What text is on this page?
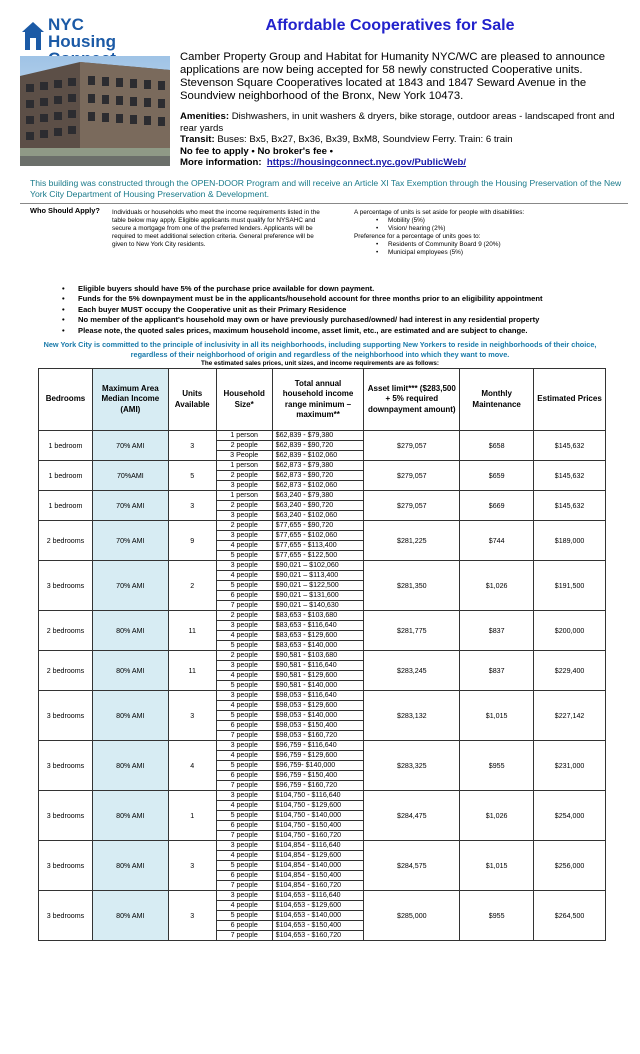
NYC
Housing
Affordable Cooperatives for Sale
Camber Property Group and Habitat for Humanity NYC/WC are pleased to announce applications are now being accepted for 58 newly constructed Cooperative units. Stevenson Square Cooperatives located at 1843 and 1847 Seward Avenue in the Soundview neighborhood of the Bronx, New York 10473.
Amenities: Dishwashers, in unit washers & dryers, bike storage, outdoor areas - landscaped front and rear yards
Transit: Buses: Bx5, Bx27, Bx36, Bx39, BxM8, Soundview Ferry. Train: 6 train
No fee to apply • No broker's fee •
More information: https://housingconnect.nyc.gov/PublicWeb/
This building was constructed through the OPEN-DOOR Program and will receive an Article XI Tax Exemption through the Housing Preservation of the New York City Department of Housing Preservation & Development.
Who Should Apply? Individuals or households who meet the income requirements listed in the table below may apply. Eligible applicants must qualify for NYSAHC and secure a mortgage from one of the preferred lenders. Applicants will be required to meet additional selection criteria. General preference will be given to New York City residents.
A percentage of units is set aside for people with disabilities:
• Mobility (5%)
• Vision/ hearing (2%)
Preference for a percentage of units goes to:
• Residents of Community Board 9 (20%)
• Municipal employees (5%)
• Eligible buyers should have 5% of the purchase price available for down payment.
• Funds for the 5% downpayment must be in the applicants/household account for three months prior to an eligibility appointment
• Each buyer MUST occupy the Cooperative unit as their Primary Residence
• No member of the applicant's household may own or have previously purchased/owned/ had interest in any residential property
• Please note, the quoted sales prices, maximum household income, asset limit, etc., are estimated and are subject to change.
New York City is committed to the principle of inclusivity in all its neighborhoods, including supporting New Yorkers to reside in neighborhoods of their choice, regardless of their neighborhood of origin and regardless of the neighborhood into which they want to move.
The estimated sales prices, unit sizes, and income requirements are as follows:
Bedrooms	Maximum Area Median Income (AMI)	Units Available	Household Size*	Total annual household income range minimum – maximum**	Asset limit*** ($283,500 + 5% required downpayment amount)	Monthly Maintenance	Estimated Prices
1 bedroom	70% AMI	3	1 person	$62,839 - $79,380	$279,057	$658	$145,632
			2 people	$62,839 - $90,720			
			3 People	$62,839 - $102,060			
1 bedroom	70%AMI	5	1 person	$62,873 - $79,380	$279,057	$659	$145,632
			2 people	$62,873 - $90,720			
			3 people	$62,873 - $102,060			
1 bedroom	70% AMI	3	1 person	$63,240 - $79,380	$279,057	$669	$145,632
			2 people	$63,240 - $90,720			
			3 people	$63,240 - $102,060			
2 bedrooms	70% AMI	9	2 people	$77,655 - $90,720	$281,225	$744	$189,000
			3 people	$77,655 - $102,060			
			4 people	$77,655 - $113,400			
			5 people	$77,655 - $122,500			
3 bedrooms	70% AMI	2	3 people	$90,021 – $102,060	$281,350	$1,026	$191,500
			4 people	$90,021 – $113,400			
			5 people	$90,021 – $122,500			
			6 people	$90,021 – $131,600			
			7 people	$90,021 – $140,630			
2 bedrooms	80% AMI	11	2 people	$83,653 - $103,680	$281,775	$837	$200,000
			3 people	$83,653 - $116,640			
			4 people	$83,653 - $129,600			
			5 people	$83,653 - $140,000			
2 bedrooms	80% AMI	11	2 people	$90,581 - $103,680	$283,245	$837	$229,400
			3 people	$90,581 - $116,640			
			4 people	$90,581 - $129,600			
			5 people	$90,581 - $140,000			
3 bedrooms	80% AMI	3	3 people	$98,053 - $116,640	$283,132	$1,015	$227,142
			4 people	$98,053 - $129,600			
			5 people	$98,053 - $140,000			
			6 people	$98,053 - $150,400			
			7 people	$98,053 - $160,720			
3 bedrooms	80% AMI	4	3 people	$96,759 - $116,640	$283,325	$955	$231,000
			4 people	$96,759 - $129,600			
			5 people	$96,759- $140,000			
			6 people	$96,759 - $150,400			
			7 people	$96,759 - $160,720			
3 bedrooms	80% AMI	1	3 people	$104,750 - $116,640	$284,475	$1,026	$254,000
			4 people	$104,750 - $129,600			
			5 people	$104,750 - $140,000			
			6 people	$104,750 - $150,400			
			7 people	$104,750 - $160,720			
3 bedrooms	80% AMI	3	3 people	$104,854 - $116,640	$284,575	$1,015	$256,000
			4 people	$104,854 - $129,600			
			5 people	$104,854 - $140,000			
			6 people	$104,854 - $150,400			
			7 people	$104,854 - $160,720			
3 bedrooms	80% AMI	3	3 people	$104,653 - $116,640	$285,000	$955	$264,500
			4 people	$104,653 - $129,600			
			5 people	$104,653 - $140,000			
			6 people	$104,653 - $150,400			
			7 people	$104,653 - $160,720			
